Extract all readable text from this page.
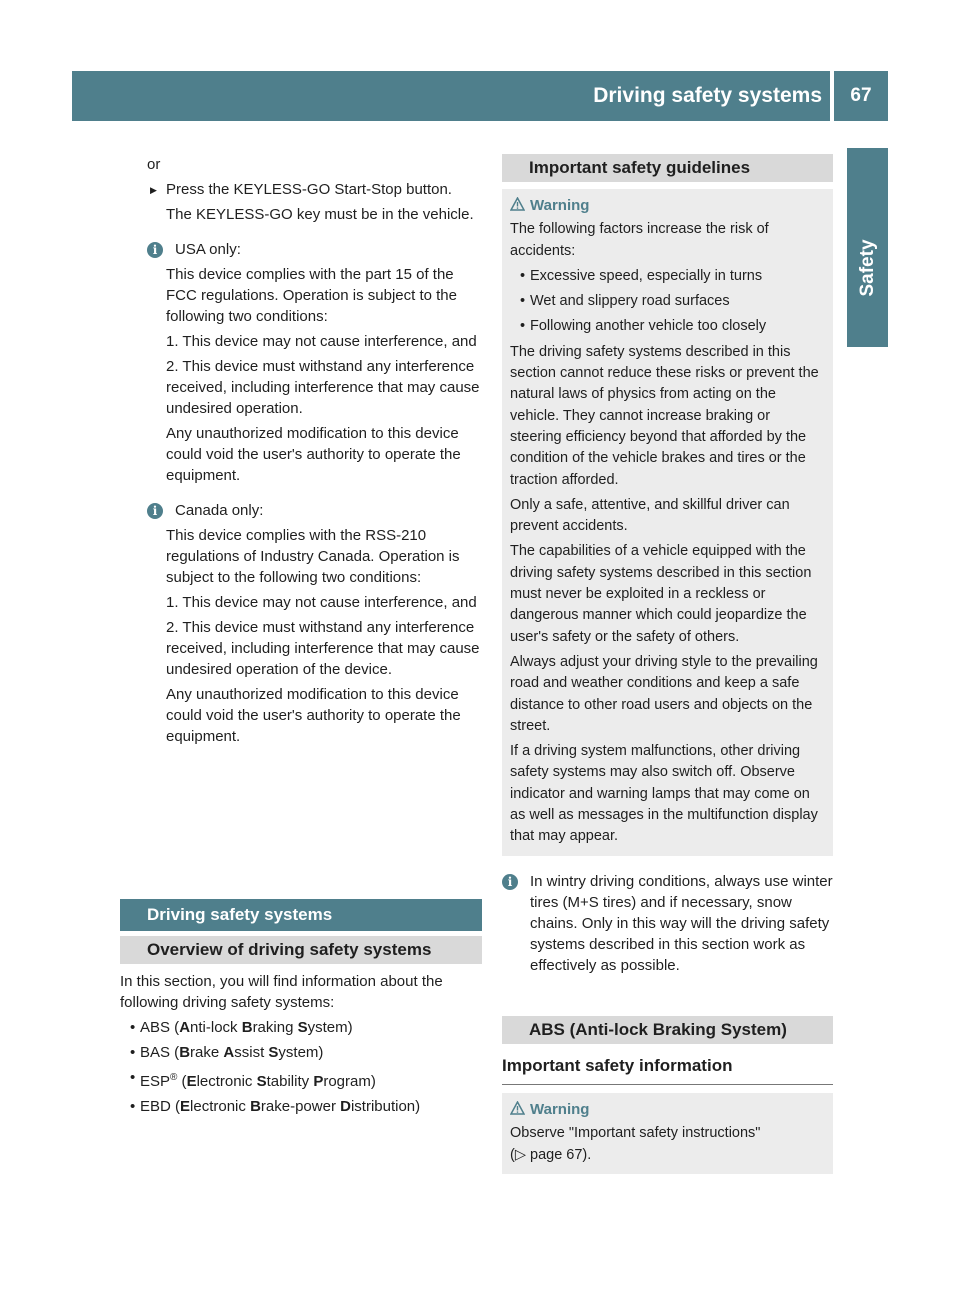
Driving safety systems	67
Safety
or
▶ Press the KEYLESS-GO Start-Stop button.
The KEYLESS-GO key must be in the vehicle.
i	USA only:
This device complies with the part 15 of the FCC regulations. Operation is subject to the following two conditions:
1. This device may not cause interference, and
2. This device must withstand any interference received, including interference that may cause undesired operation.
Any unauthorized modification to this device could void the user's authority to operate the equipment.
i	Canada only:
This device complies with the RSS-210 regulations of Industry Canada. Operation is subject to the following two conditions:
1. This device may not cause interference, and
2. This device must withstand any interference received, including interference that may cause undesired operation of the device.
Any unauthorized modification to this device could void the user's authority to operate the equipment.
Driving safety systems
Overview of driving safety systems
In this section, you will find information about the following driving safety systems:
• ABS (Anti-lock Braking System)
• BAS (Brake Assist System)
• ESP® (Electronic Stability Program)
• EBD (Electronic Brake-power Distribution)
Important safety guidelines
Warning
The following factors increase the risk of accidents:
• Excessive speed, especially in turns
• Wet and slippery road surfaces
• Following another vehicle too closely
The driving safety systems described in this section cannot reduce these risks or prevent the natural laws of physics from acting on the vehicle. They cannot increase braking or steering efficiency beyond that afforded by the condition of the vehicle brakes and tires or the traction afforded.
Only a safe, attentive, and skillful driver can prevent accidents.
The capabilities of a vehicle equipped with the driving safety systems described in this section must never be exploited in a reckless or dangerous manner which could jeopardize the user's safety or the safety of others.
Always adjust your driving style to the prevailing road and weather conditions and keep a safe distance to other road users and objects on the street.
If a driving system malfunctions, other driving safety systems may also switch off. Observe indicator and warning lamps that may come on as well as messages in the multifunction display that may appear.
i	In wintry driving conditions, always use winter tires (M+S tires) and if necessary, snow chains. Only in this way will the driving safety systems described in this section work as effectively as possible.
ABS (Anti-lock Braking System)
Important safety information
Warning
Observe "Important safety instructions"
(▷ page 67).
